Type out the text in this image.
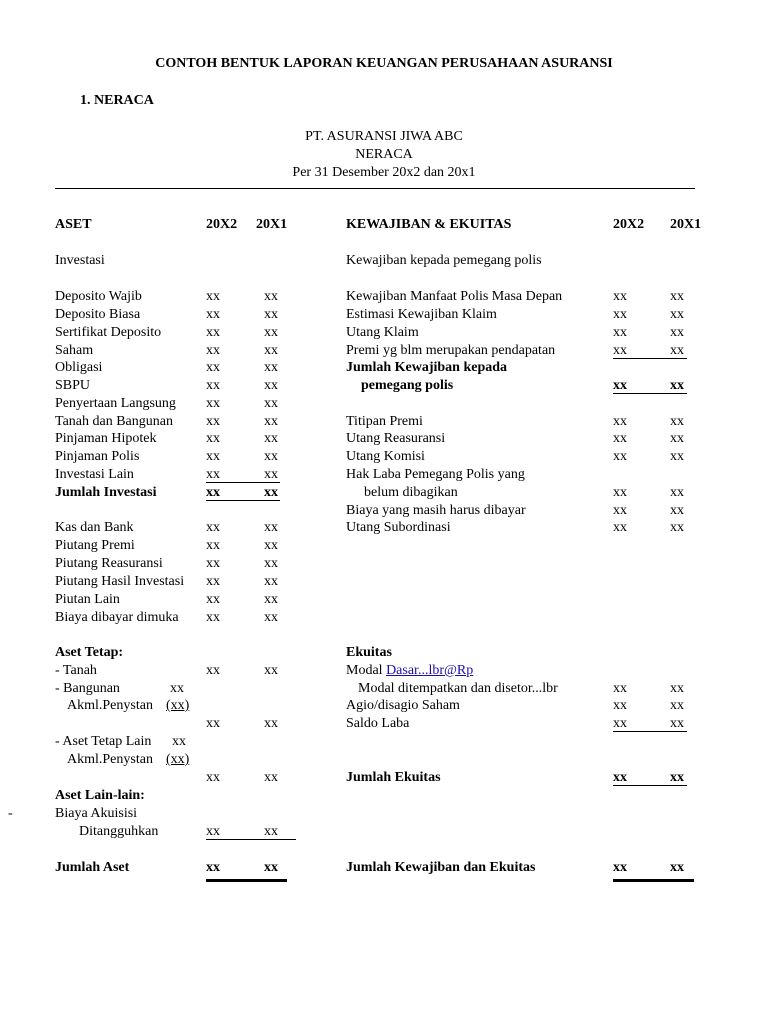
CONTOH BENTUK LAPORAN KEUANGAN PERUSAHAAN ASURANSI
1. NERACA
PT. ASURANSI JIWA ABC
NERACA
Per 31 Desember 20x2 dan 20x1
ASET	20X2 20X1	KEWAJIBAN & EKUITAS	20X2 20X1
Investasi
Deposito Wajib	xx	xx
Deposito Biasa	xx	xx
Sertifikat Deposito	xx	xx
Saham	xx	xx
Obligasi	xx	xx
SBPU	xx	xx
Penyertaan Langsung xx	xx
Tanah dan Bangunan xx	xx
Pinjaman Hipotek	xx	xx
Pinjaman Polis	xx	xx
Investasi Lain	xx	xx
Jumlah Investasi	xx	xx
Kas dan Bank	xx	xx
Piutang Premi	xx	xx
Piutang Reasuransi	xx	xx
Piutang Hasil Investasi xx	xx
Piutan Lain	xx	xx
Biaya dibayar dimuka xx	xx
Aset Tetap:
- Tanah	xx	xx
- Bangunan	xx
Akml.Penystan (xx)
xx	xx
- Aset Tetap Lain xx
Akml.Penystan (xx)
xx	xx
Aset Lain-lain:
-	Biaya Akuisisi
Ditangguhkan	xx	xx
Jumlah Aset	xx	xx
Kewajiban kepada pemegang polis
Kewajiban Manfaat Polis Masa Depan	xx	xx
Estimasi Kewajiban Klaim	xx	xx
Utang Klaim	xx	xx
Premi yg blm merupakan pendapatan	xx	xx
Jumlah Kewajiban kepada
pemegang polis	xx	xx
Titipan Premi	xx	xx
Utang Reasuransi	xx	xx
Utang Komisi	xx	xx
Hak Laba Pemegang Polis yang
belum dibagikan	xx	xx
Biaya yang masih harus dibayar	xx	xx
Utang Subordinasi	xx	xx
Ekuitas
Modal Dasar...lbr@Rp
Modal ditempatkan dan disetor...lbr	xx	xx
Agio/disagio Saham	xx	xx
Saldo Laba	xx	xx
Jumlah Ekuitas	xx	xx
Jumlah Kewajiban dan Ekuitas	xx	xx
